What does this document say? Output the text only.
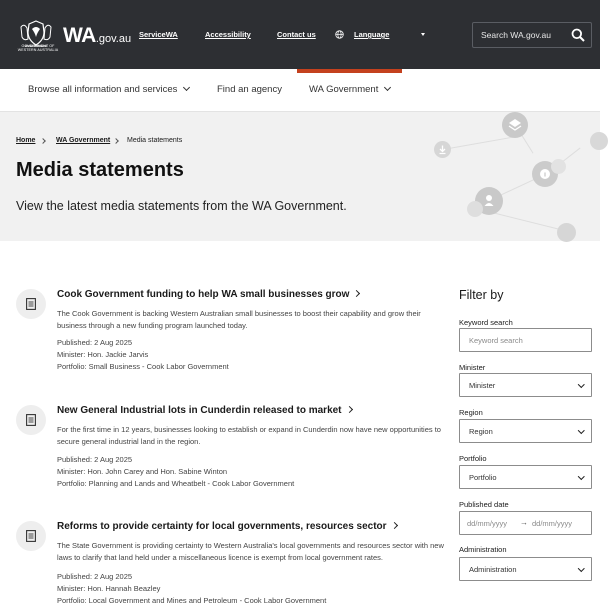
GOVERNMENT OF WESTERN AUSTRALIA
WA.gov.au ServiceWA	Accessibility	Contact us	Language	Search WA.gov.au
Browse all information and services	Find an agency	WA Government
Home	WA Government Media statements
Media statements

View the latest media statements from the WA Government.

Cook Government funding to help WA small businesses grow

The Cook Government is backing Western Australian small businesses to boost their capability and grow their business through a new funding program launched today.

Published: 2 Aug 2025
Minister: Hon. Jackie Jarvis
Portfolio: Small Business - Cook Labor Government
New General Industrial lots in Cunderdin released to market

For the first time in 12 years, businesses looking to establish or expand in Cunderdin now have new opportunities to secure general industrial land in the region.

Published: 2 Aug 2025
Minister: Hon. John Carey and Hon. Sabine Winton
Portfolio: Planning and Lands and Wheatbelt - Cook Labor Government
Reforms to provide certainty for local governments, resources sector

The State Government is providing certainty to Western Australia's local governments and resources sector with new laws to clarify that land held under a miscellaneous licence is exempt from local government rates.

Published: 2 Aug 2025
Minister: Hon. Hannah Beazley
Portfolio: Local Government and Mines and Petroleum - Cook Labor Government
Filter by
Keyword search
Keyword search
Minister
Minister
Region
Region
Portfolio
Portfolio
Published date
dd/mm/yyyy → dd/mm/yyyy
Administration
Administration
